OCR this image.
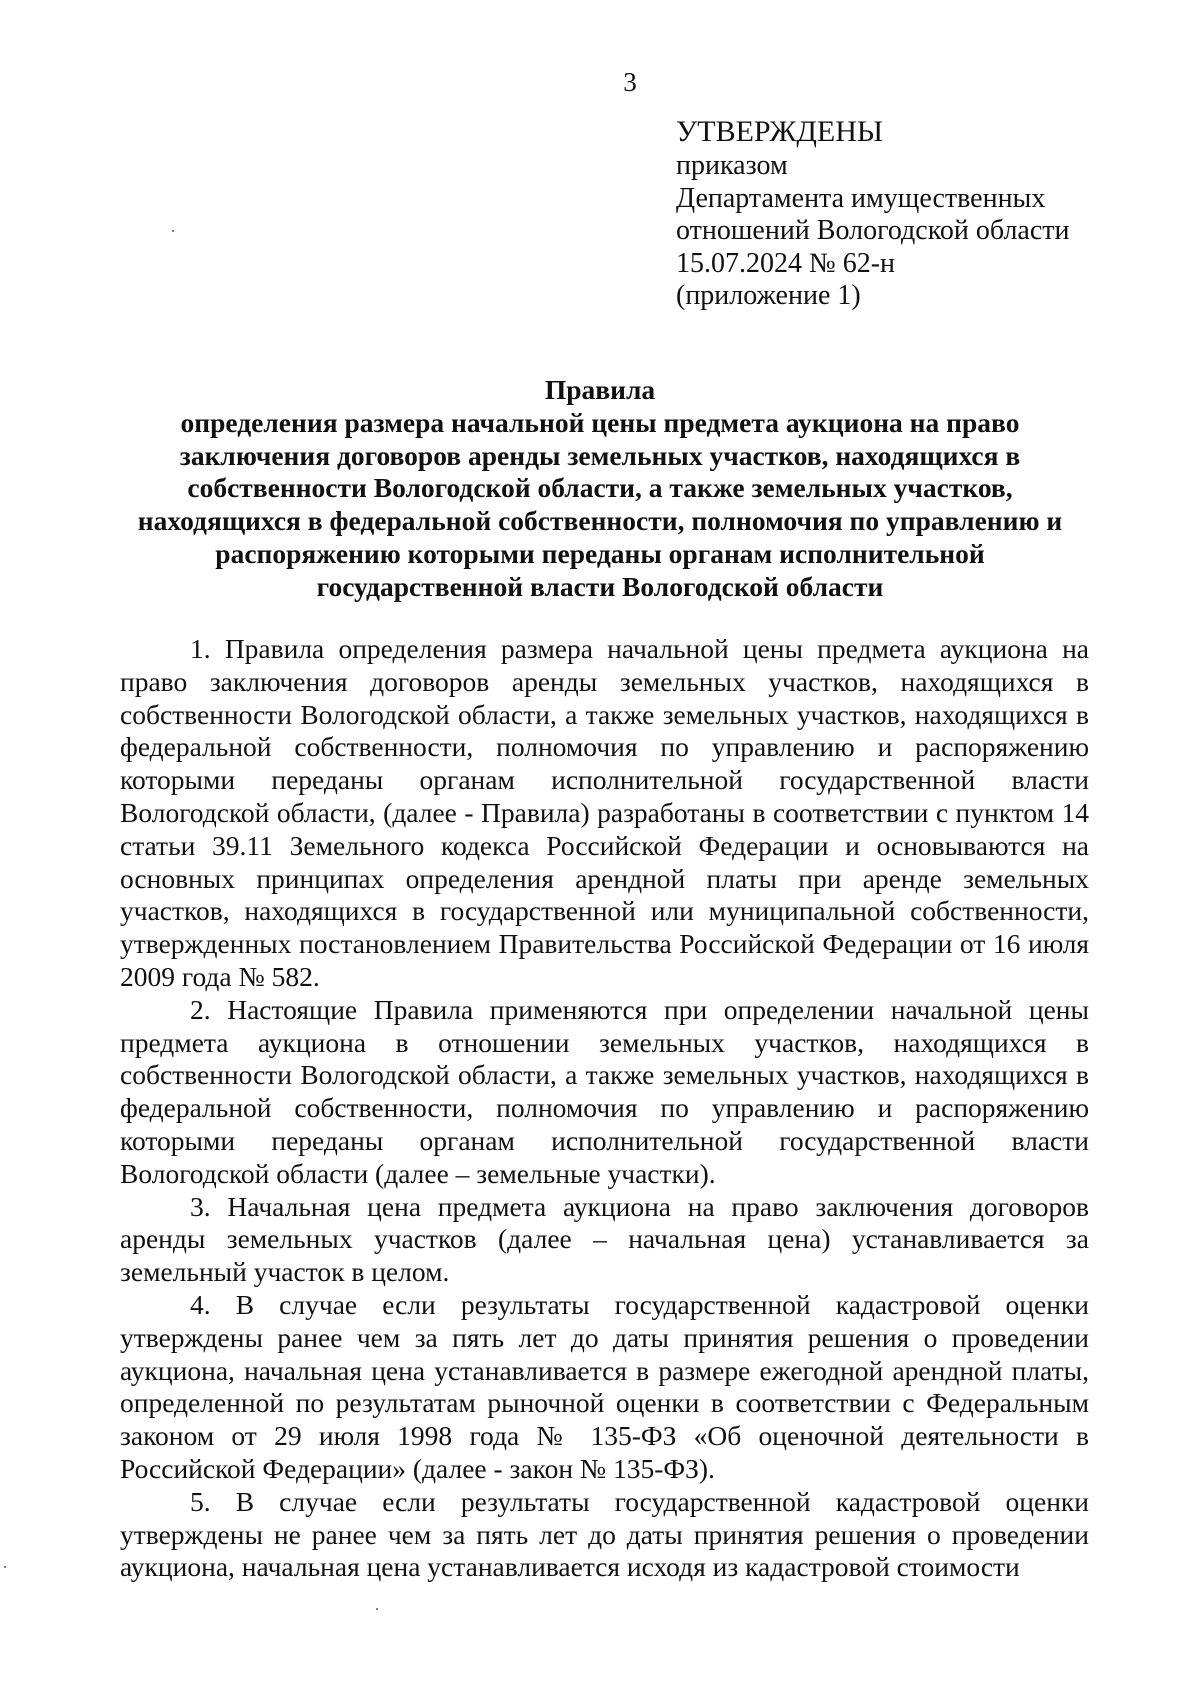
3
УТВЕРЖДЕНЫ
приказом
Департамента имущественных
отношений Вологодской области
15.07.2024 № 62-н
(приложение 1)
Правила
определения размера начальной цены предмета аукциона на право
заключения договоров аренды земельных участков, находящихся в
собственности Вологодской области, а также земельных участков,
находящихся в федеральной собственности, полномочия по управлению и
распоряжению которыми переданы органам исполнительной
государственной власти Вологодской области

1. Правила определения размера начальной цены предмета аукциона на право заключения договоров аренды земельных участков, находящихся в собственности Вологодской области, а также земельных участков, находящихся в федеральной собственности, полномочия по управлению и распоряжению которыми переданы органам исполнительной государственной власти Вологодской области, (далее - Правила) разработаны в соответствии с пунктом 14 статьи 39.11 Земельного кодекса Российской Федерации и основываются на основных принципах определения арендной платы при аренде земельных участков, находящихся в государственной или муниципальной собственности, утвержденных постановлением Правительства Российской Федерации от 16 июля 2009 года № 582.

2. Настоящие Правила применяются при определении начальной цены предмета аукциона в отношении земельных участков, находящихся в собственности Вологодской области, а также земельных участков, находящихся в федеральной собственности, полномочия по управлению и распоряжению которыми переданы органам исполнительной государственной власти Вологодской области (далее – земельные участки).

3. Начальная цена предмета аукциона на право заключения договоров аренды земельных участков (далее – начальная цена) устанавливается за земельный участок в целом.

4. В случае если результаты государственной кадастровой оценки утверждены ранее чем за пять лет до даты принятия решения о проведении аукциона, начальная цена устанавливается в размере ежегодной арендной платы, определенной по результатам рыночной оценки в соответствии с Федеральным законом от 29 июля 1998 года № 135-ФЗ «Об оценочной деятельности в Российской Федерации» (далее - закон № 135-ФЗ).

5. В случае если результаты государственной кадастровой оценки утверждены не ранее чем за пять лет до даты принятия решения о проведении аукциона, начальная цена устанавливается исходя из кадастровой стоимости
